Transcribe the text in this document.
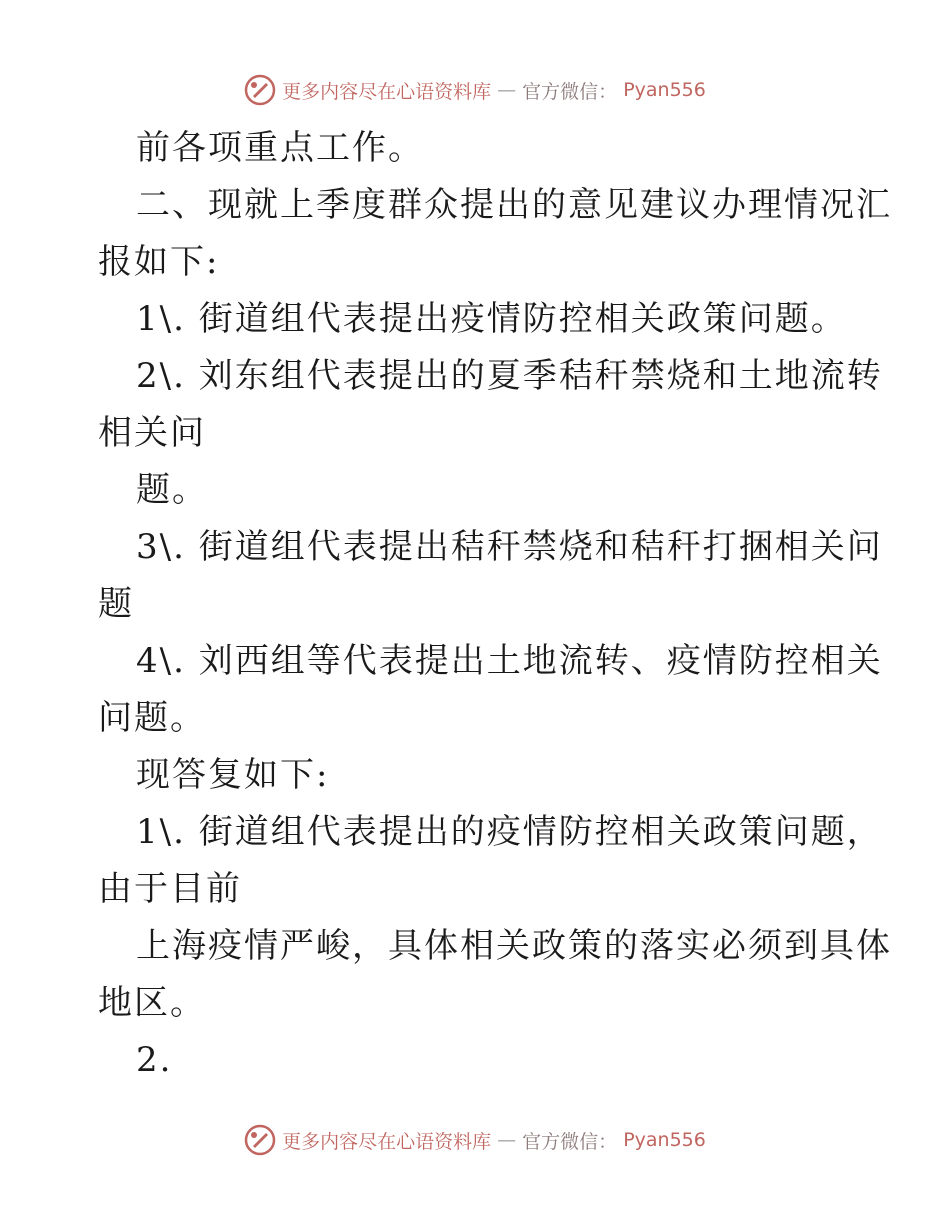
更多内容尽在心语资料库 — 官方微信： Pyan556
前各项重点工作。
二、现就上季度群众提出的意见建议办理情况汇
报如下:
1\. 街道组代表提出疫情防控相关政策问题。
2\. 刘东组代表提出的夏季秸秆禁烧和土地流转
相关问
题。
3\. 街道组代表提出秸秆禁烧和秸秆打捆相关问
题
4\. 刘西组等代表提出土地流转、疫情防控相关
问题。
现答复如下:
1\. 街道组代表提出的疫情防控相关政策问题，
由于目前
上海疫情严峻，具体相关政策的落实必须到具体
地区。
2.
更多内容尽在心语资料库 — 官方微信： Pyan556
